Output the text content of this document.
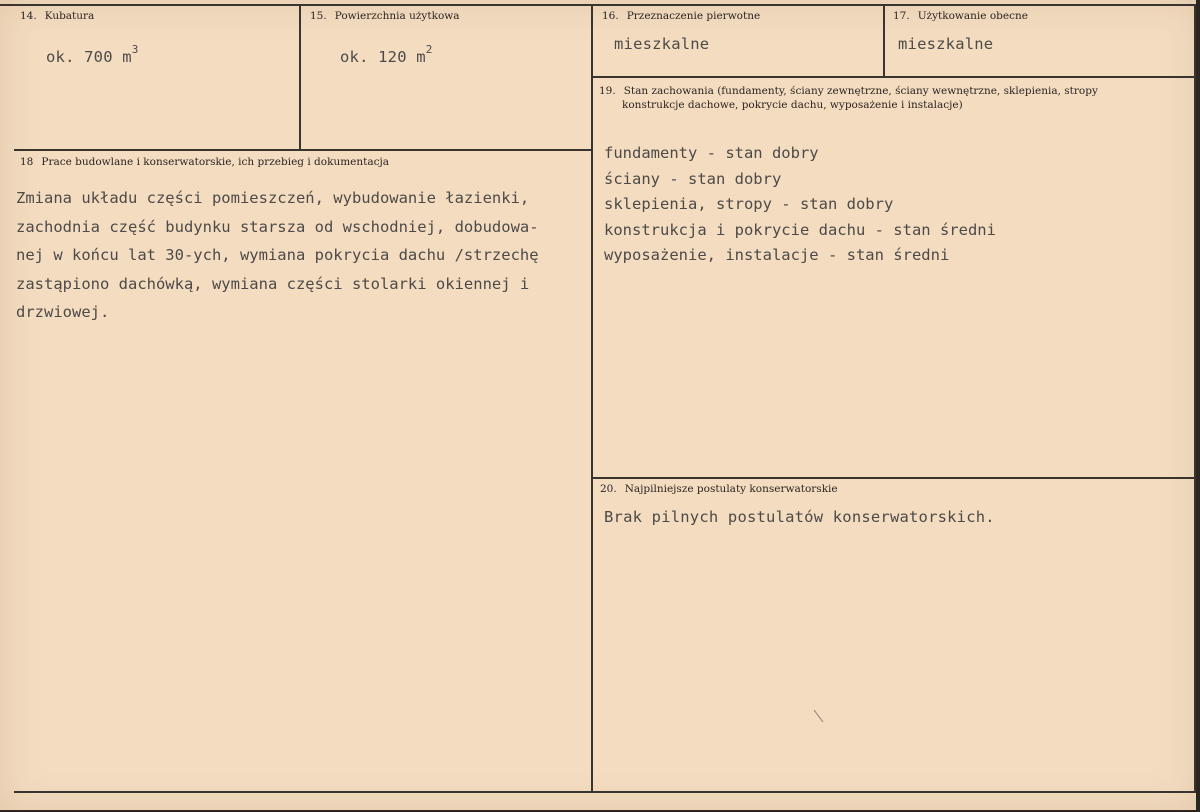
14. Kubatura
ok. 700 $m^3$
15. Powierzchnia użytkowa
ok. 120 $m^2$
16. Przeznaczenie pierwotne
mieszkalne
17. Użytkowanie obecne
mieszkalne
19. Stan zachowania (fundamenty, ściany zewnętrzne, ściany wewnętrzne, sklepienia, stropy
konstrukcje dachowe, pokrycie dachu, wyposażenie i instalacje)
fundamenty - stan dobry
ściany - stan dobry
sklepienia, stropy - stan dobry
konstrukcja i pokrycie dachu - stan średni
wyposażenie, instalacje - stan średni
18 Prace budowlane i konserwatorskie, ich przebieg i dokumentacja
Zmiana układu części pomieszczeń, wybudowanie łazienki,
zachodnia część budynku starsza od wschodniej, dobudowa-
nej w końcu lat 30-ych, wymiana pokrycia dachu /strzechę
zastąpiono dachówką, wymiana części stolarki okiennej i
drzwiowej.
20. Najpilniejsze postulaty konserwatorskie
Brak pilnych postulatów konserwatorskich.
